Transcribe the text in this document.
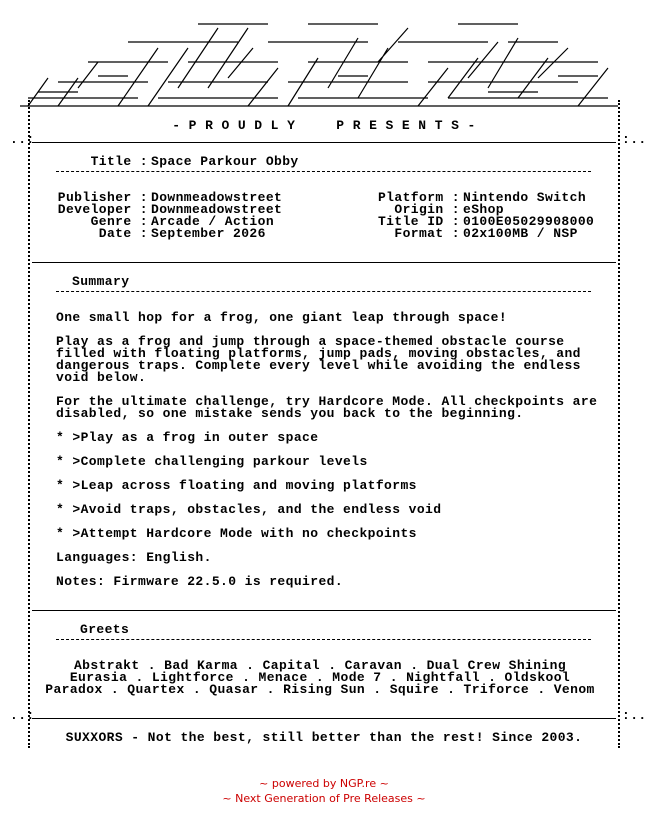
- P R O U D L Y     P R E S E N T S -
..:	:..
..:	:..
Title : Space Parkour Obby
Publisher : Downmeadowstreet
Developer : Downmeadowstreet
Genre : Arcade / Action
Date : September 2026
Platform : Nintendo Switch
Origin : eShop
Title ID : 0100E05029908000
Format : 02x100MB / NSP
Summary
One small hop for a frog, one giant leap through space!
Play as a frog and jump through a space-themed obstacle course
filled with floating platforms, jump pads, moving obstacles, and
dangerous traps. Complete every level while avoiding the endless
void below.
For the ultimate challenge, try Hardcore Mode. All checkpoints are
disabled, so one mistake sends you back to the beginning.
* >Play as a frog in outer space
* >Complete challenging parkour levels
* >Leap across floating and moving platforms
* >Avoid traps, obstacles, and the endless void
* >Attempt Hardcore Mode with no checkpoints
Languages: English.
Notes: Firmware 22.5.0 is required.
Greets
Abstrakt . Bad Karma . Capital . Caravan . Dual Crew Shining
Eurasia . Lightforce . Menace . Mode 7 . Nightfall . Oldskool
Paradox . Quartex . Quasar . Rising Sun . Squire . Triforce . Venom
SUXXORS - Not the best, still better than the rest! Since 2003.
~ powered by NGP.re ~
~ Next Generation of Pre Releases ~
